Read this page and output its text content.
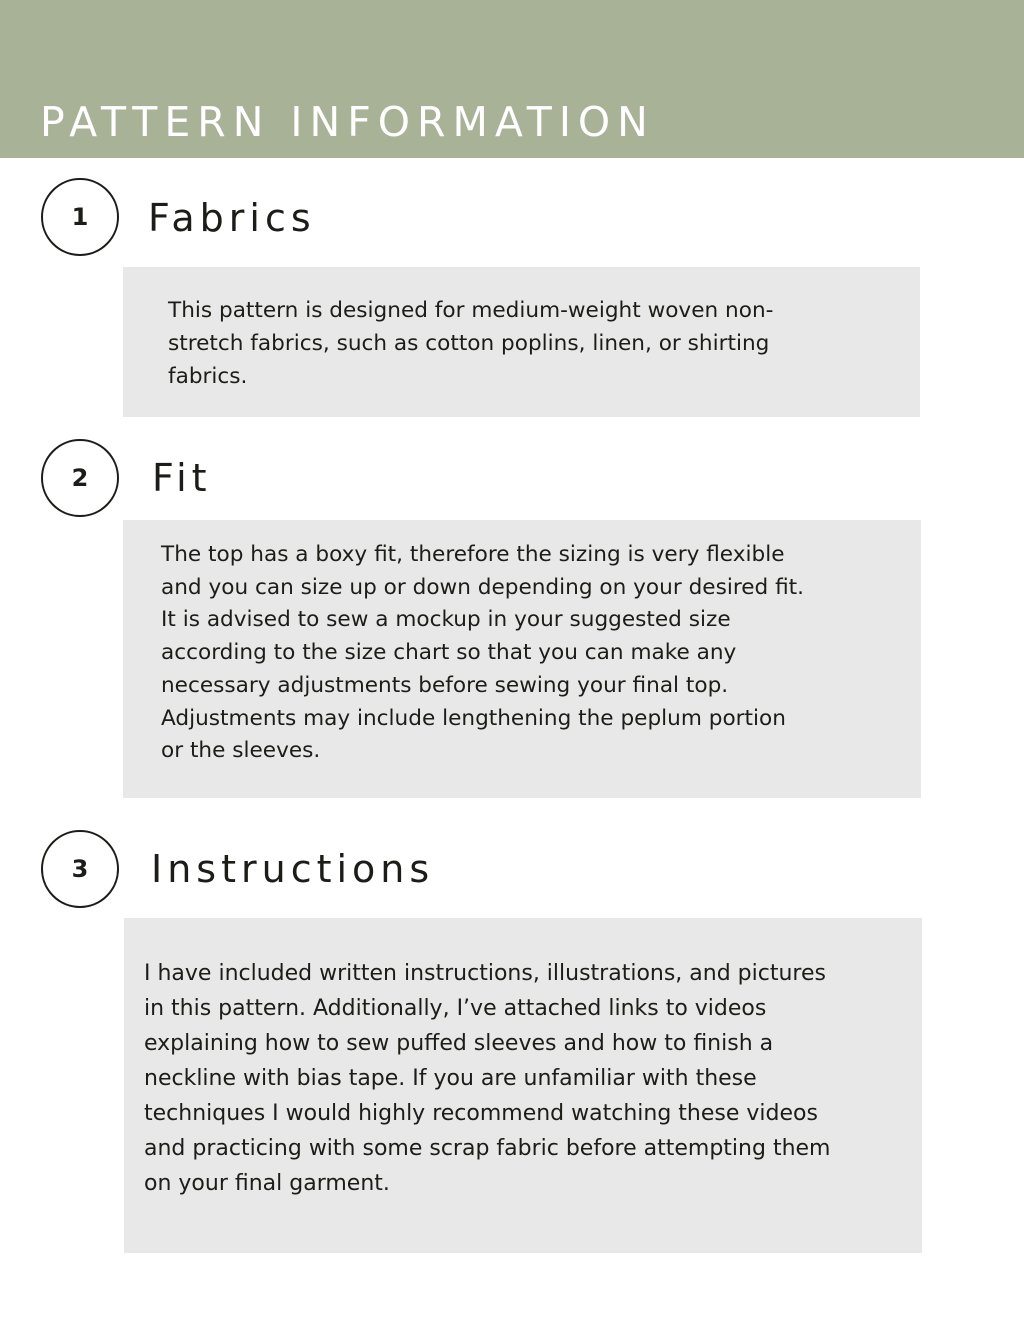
PATTERN INFORMATION
1	Fabrics

This pattern is designed for medium-weight woven non-

stretch fabrics, such as cotton poplins, linen, or shirting

fabrics.

2	Fit

The top has a boxy fit, therefore the sizing is very flexible

and you can size up or down depending on your desired fit.

It is advised to sew a mockup in your suggested size

according to the size chart so that you can make any

necessary adjustments before sewing your final top.

Adjustments may include lengthening the peplum portion

or the sleeves.

3	Instructions

I have included written instructions, illustrations, and pictures

in this pattern. Additionally, I’ve attached links to videos

explaining how to sew puffed sleeves and how to finish a

neckline with bias tape. If you are unfamiliar with these

techniques I would highly recommend watching these videos

and practicing with some scrap fabric before attempting them

on your final garment.
